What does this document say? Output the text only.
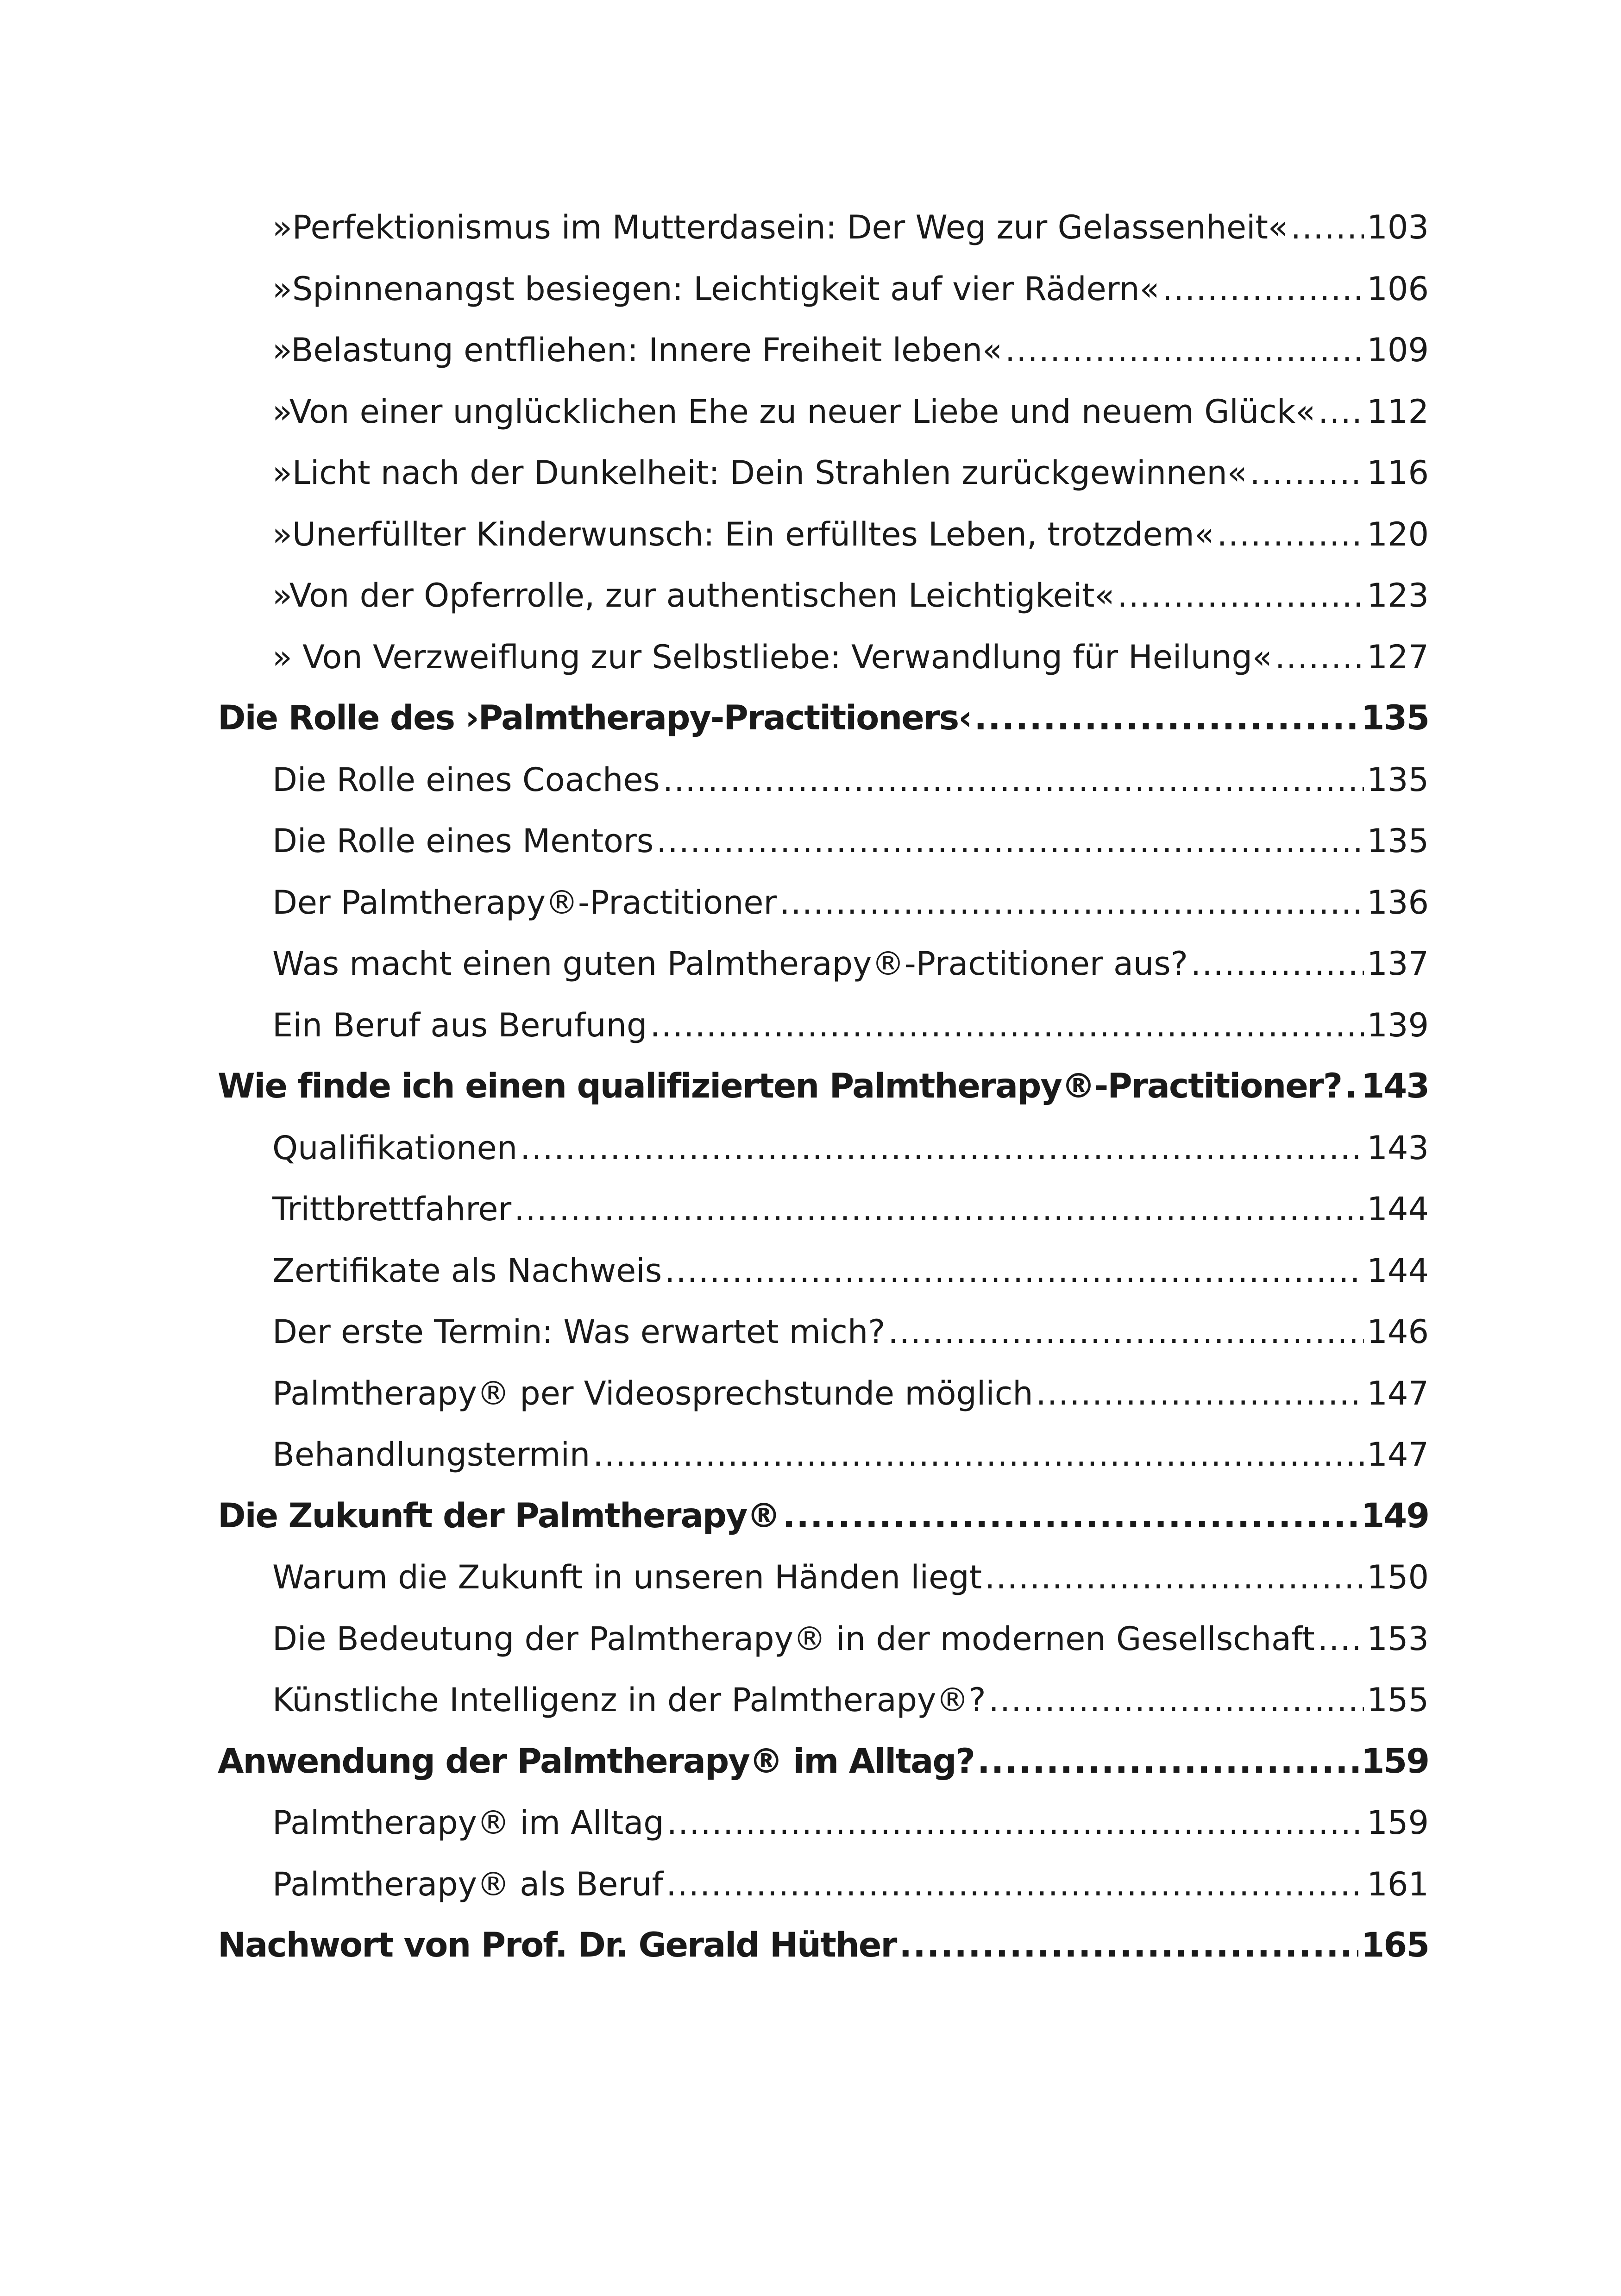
»Perfektionismus im Mutterdasein: Der Weg zur Gelassenheit« ..... 103
»Spinnenangst besiegen: Leichtigkeit auf vier Rädern« .....	106
»Belastung entfliehen: Innere Freiheit leben« .....	109
»Von einer unglücklichen Ehe zu neuer Liebe und neuem Glück« ..... 112
»Licht nach der Dunkelheit: Dein Strahlen zurückgewinnen« .....	116
»Unerfüllter Kinderwunsch: Ein erfülltes Leben, trotzdem« .....	120
»Von der Opferrolle, zur authentischen Leichtigkeit« .....	123
» Von Verzweiflung zur Selbstliebe: Verwandlung für Heilung« .....	127
Die Rolle des ›Palmtherapy-Practitioners‹ .....	135
Die Rolle eines Coaches .....	135
Die Rolle eines Mentors .....	135
Der Palmtherapy®-Practitioner .....	136
Was macht einen guten Palmtherapy®-Practitioner aus? .....	137
Ein Beruf aus Berufung .....	139
Wie finde ich einen qualifizierten Palmtherapy®-Practitioner? ..... 143
Qualifikationen .....	143
Trittbrettfahrer .....	144
Zertifikate als Nachweis .....	144
Der erste Termin: Was erwartet mich? .....	146
Palmtherapy® per Videosprechstunde möglich .....	147
Behandlungstermin .....	147
Die Zukunft der Palmtherapy® .....	149
Warum die Zukunft in unseren Händen liegt .....	150
Die Bedeutung der Palmtherapy® in der modernen Gesellschaft ..... 153
Künstliche Intelligenz in der Palmtherapy®? .....	155
Anwendung der Palmtherapy® im Alltag? .....	159
Palmtherapy® im Alltag .....	159
Palmtherapy® als Beruf .....	161
Nachwort von Prof. Dr. Gerald Hüther .....	165
